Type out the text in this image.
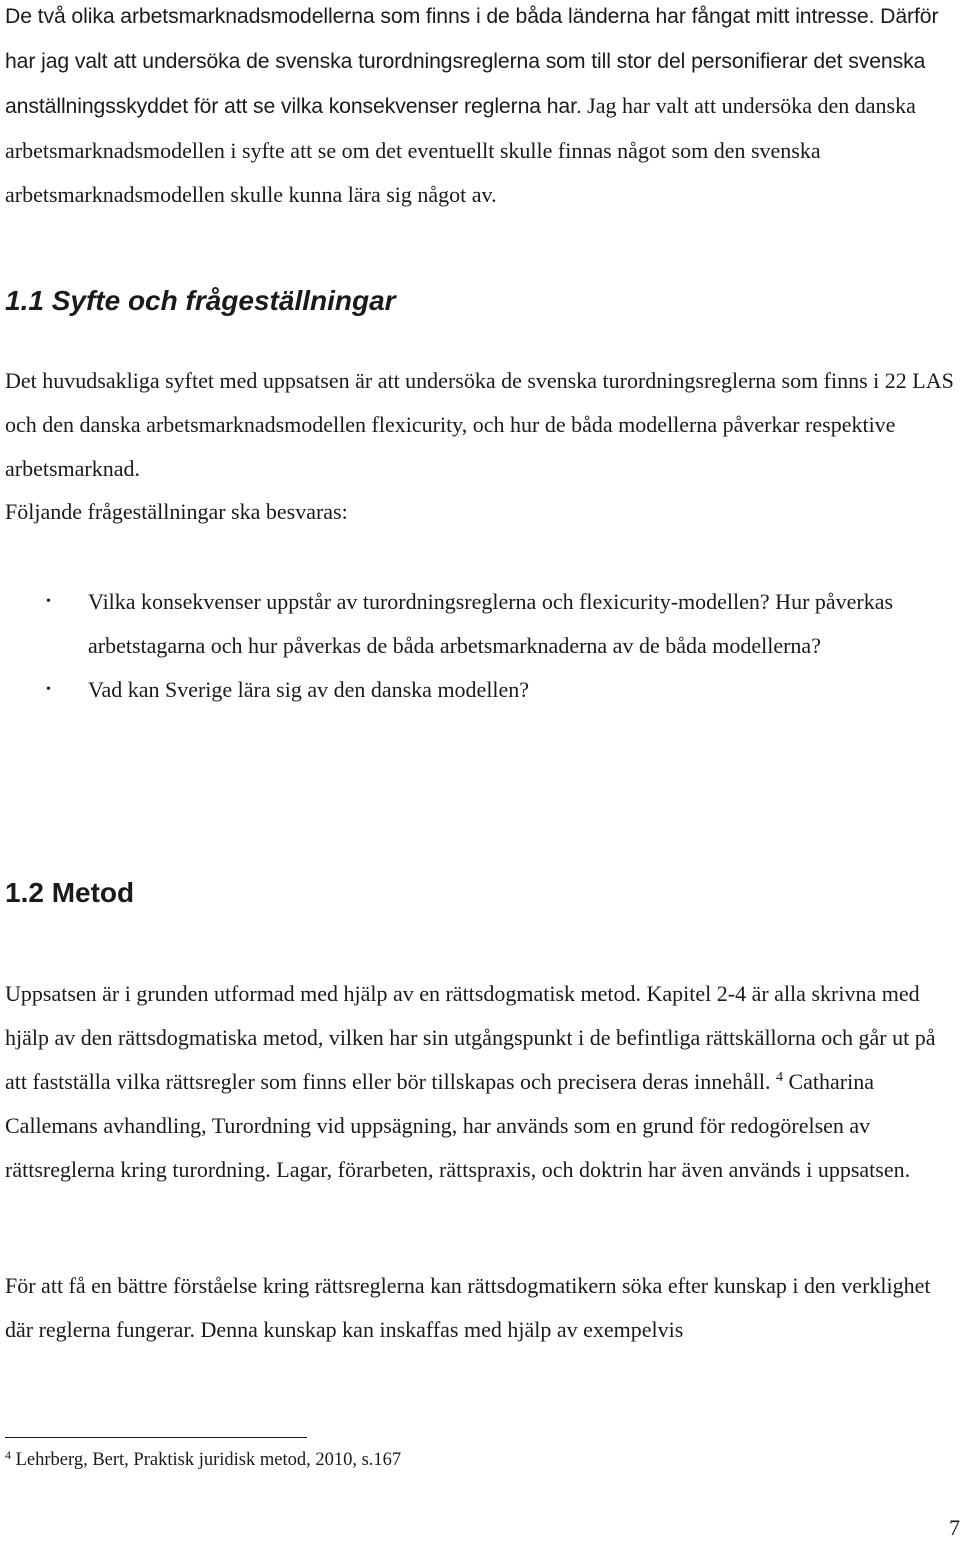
De två olika arbetsmarknadsmodellerna som finns i de båda länderna har fångat mitt intresse. Därför har jag valt att undersöka de svenska turordningsreglerna som till stor del personifierar det svenska anställningsskyddet för att se vilka konsekvenser reglerna har. Jag har valt att undersöka den danska arbetsmarknadsmodellen i syfte att se om det eventuellt skulle finnas något som den svenska arbetsmarknadsmodellen skulle kunna lära sig något av.

1.1 Syfte och frågeställningar

Det huvudsakliga syftet med uppsatsen är att undersöka de svenska turordningsreglerna som finns i 22 LAS och den danska arbetsmarknadsmodellen flexicurity, och hur de båda modellerna påverkar respektive arbetsmarknad.

Följande frågeställningar ska besvaras:

• Vilka konsekvenser uppstår av turordningsreglerna och flexicurity-modellen? Hur påverkas arbetstagarna och hur påverkas de båda arbetsmarknaderna av de båda modellerna?
• Vad kan Sverige lära sig av den danska modellen?
1.2 Metod

Uppsatsen är i grunden utformad med hjälp av en rättsdogmatisk metod. Kapitel 2-4 är alla skrivna med hjälp av den rättsdogmatiska metod, vilken har sin utgångspunkt i de befintliga rättskällorna och går ut på att fastställa vilka rättsregler som finns eller bör tillskapas och precisera deras innehåll. $^4$ Catharina Callemans avhandling, Turordning vid uppsägning, har används som en grund för redogörelsen av rättsreglerna kring turordning. Lagar, förarbeten, rättspraxis, och doktrin har även används i uppsatsen.

För att få en bättre förståelse kring rättsreglerna kan rättsdogmatikern söka efter kunskap i den verklighet där reglerna fungerar. Denna kunskap kan inskaffas med hjälp av exempelvis

$^4$ Lehrberg, Bert, Praktisk juridisk metod, 2010, s.167

7
